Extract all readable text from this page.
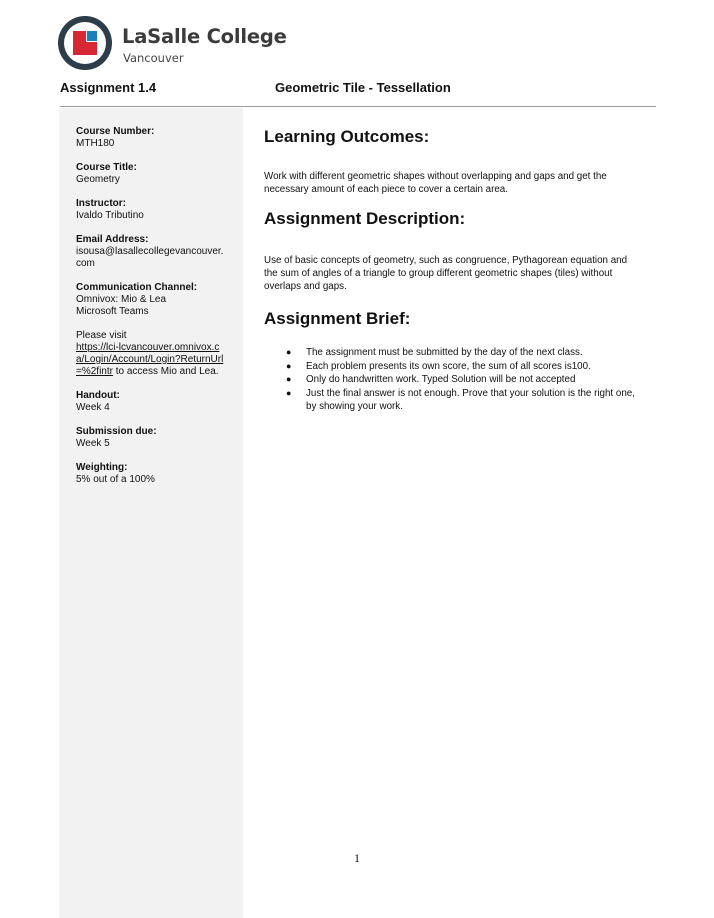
LaSalle College
Vancouver
Assignment 1.4	Geometric Tile - Tessellation
Course Number:
MTH180
Course Title:
Geometry
Instructor:
Ivaldo Tributino
Email Address:
isousa@lasallecollegevancouver.com
Communication Channel:
Omnivox: Mio & Lea
Microsoft Teams
Please visit
https://lci-lcvancouver.omnivox.ca/Login/Account/Login?ReturnUrl=%2fintr to access Mio and Lea.
Handout:
Week 4
Submission due:
Week 5
Weighting:
5% out of a 100%
Learning Outcomes:

Work with different geometric shapes without overlapping and gaps and get the necessary amount of each piece to cover a certain area.

Assignment Description:

Use of basic concepts of geometry, such as congruence, Pythagorean equation and the sum of angles of a triangle to group different geometric shapes (tiles) without overlaps and gaps.

Assignment Brief:
● The assignment must be submitted by the day of the next class.
● Each problem presents its own score, the sum of all scores is100.
● Only do handwritten work. Typed Solution will be not accepted
● Just the final answer is not enough. Prove that your solution is the right one, by showing your work.
1
